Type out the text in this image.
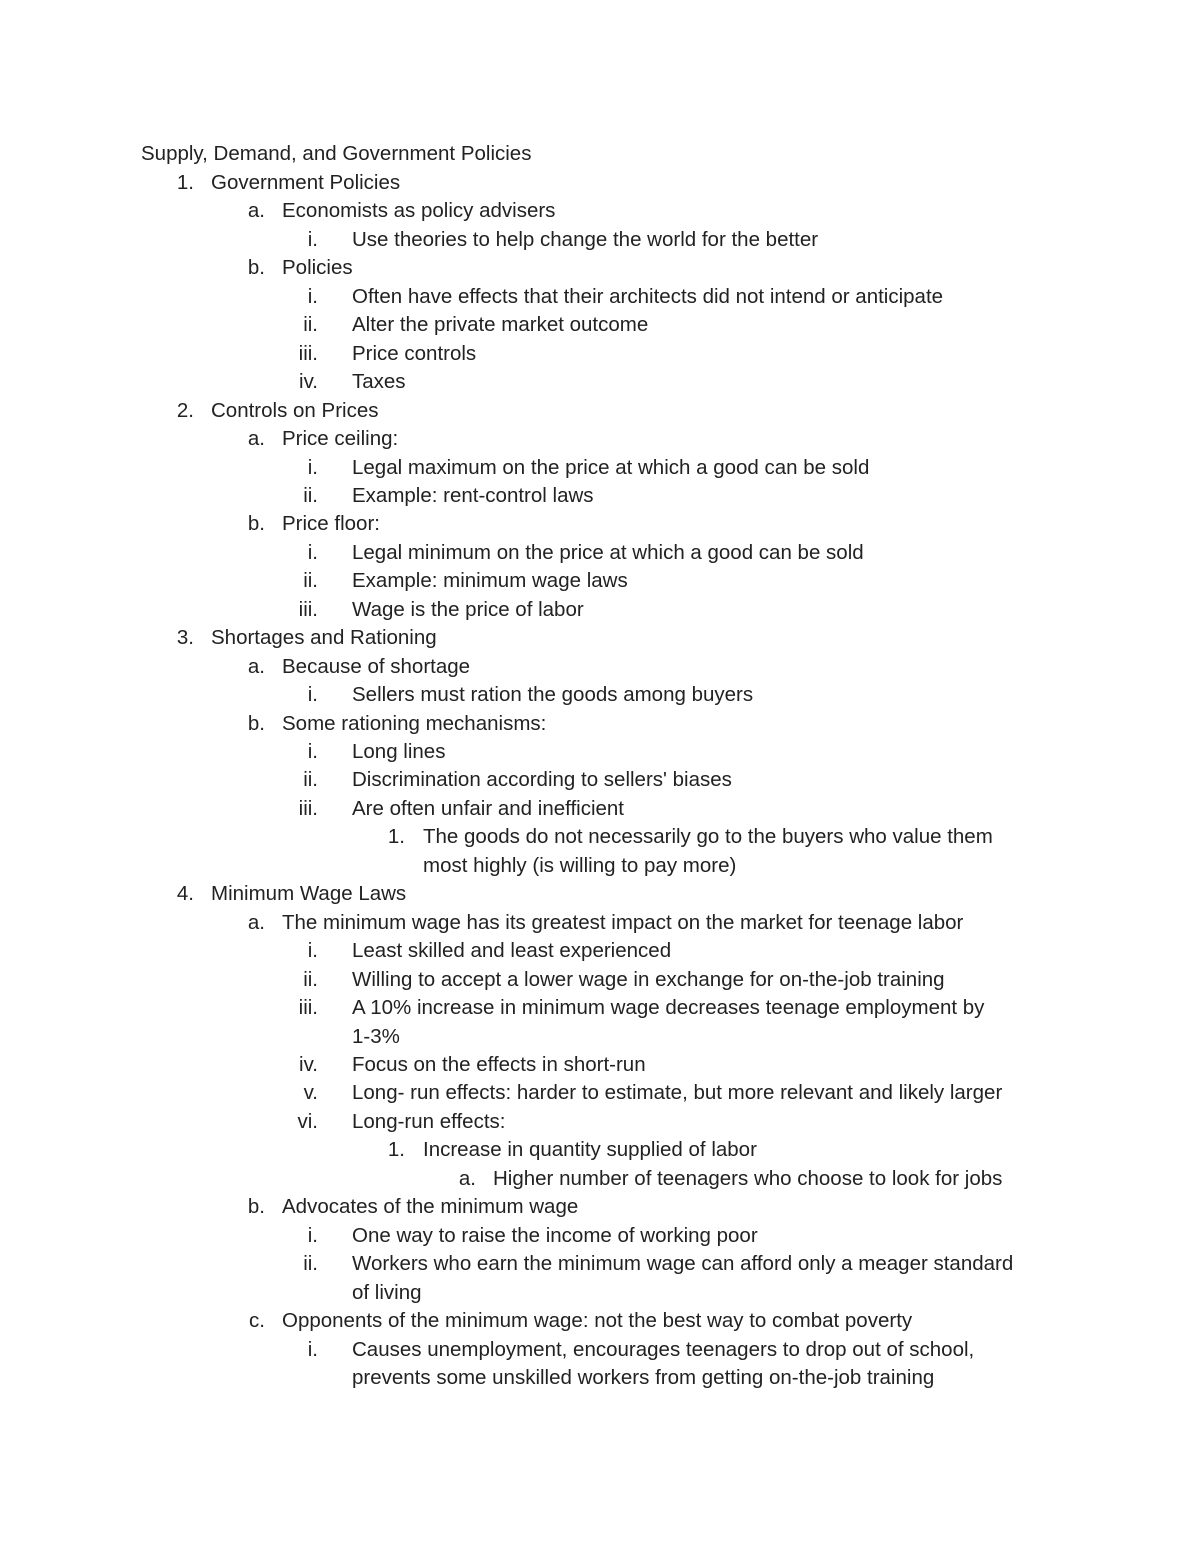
Supply, Demand, and Government Policies
1. Government Policies
a. Economists as policy advisers
i. Use theories to help change the world for the better
b. Policies
i. Often have effects that their architects did not intend or anticipate
ii. Alter the private market outcome
iii. Price controls
iv. Taxes
2. Controls on Prices
a. Price ceiling:
i. Legal maximum on the price at which a good can be sold
ii. Example: rent-control laws
b. Price floor:
i. Legal minimum on the price at which a good can be sold
ii. Example: minimum wage laws
iii. Wage is the price of labor
3. Shortages and Rationing
a. Because of shortage
i. Sellers must ration the goods among buyers
b. Some rationing mechanisms:
i. Long lines
ii. Discrimination according to sellers' biases
iii. Are often unfair and inefficient
1. The goods do not necessarily go to the buyers who value them
most highly (is willing to pay more)
4. Minimum Wage Laws
a. The minimum wage has its greatest impact on the market for teenage labor
i. Least skilled and least experienced
ii. Willing to accept a lower wage in exchange for on-the-job training
iii. A 10% increase in minimum wage decreases teenage employment by
1-3%
iv. Focus on the effects in short-run
v. Long- run effects: harder to estimate, but more relevant and likely larger
vi. Long-run effects:
1. Increase in quantity supplied of labor
a. Higher number of teenagers who choose to look for jobs
b. Advocates of the minimum wage
i. One way to raise the income of working poor
ii. Workers who earn the minimum wage can afford only a meager standard
of living
c. Opponents of the minimum wage: not the best way to combat poverty
i. Causes unemployment, encourages teenagers to drop out of school,
prevents some unskilled workers from getting on-the-job training
